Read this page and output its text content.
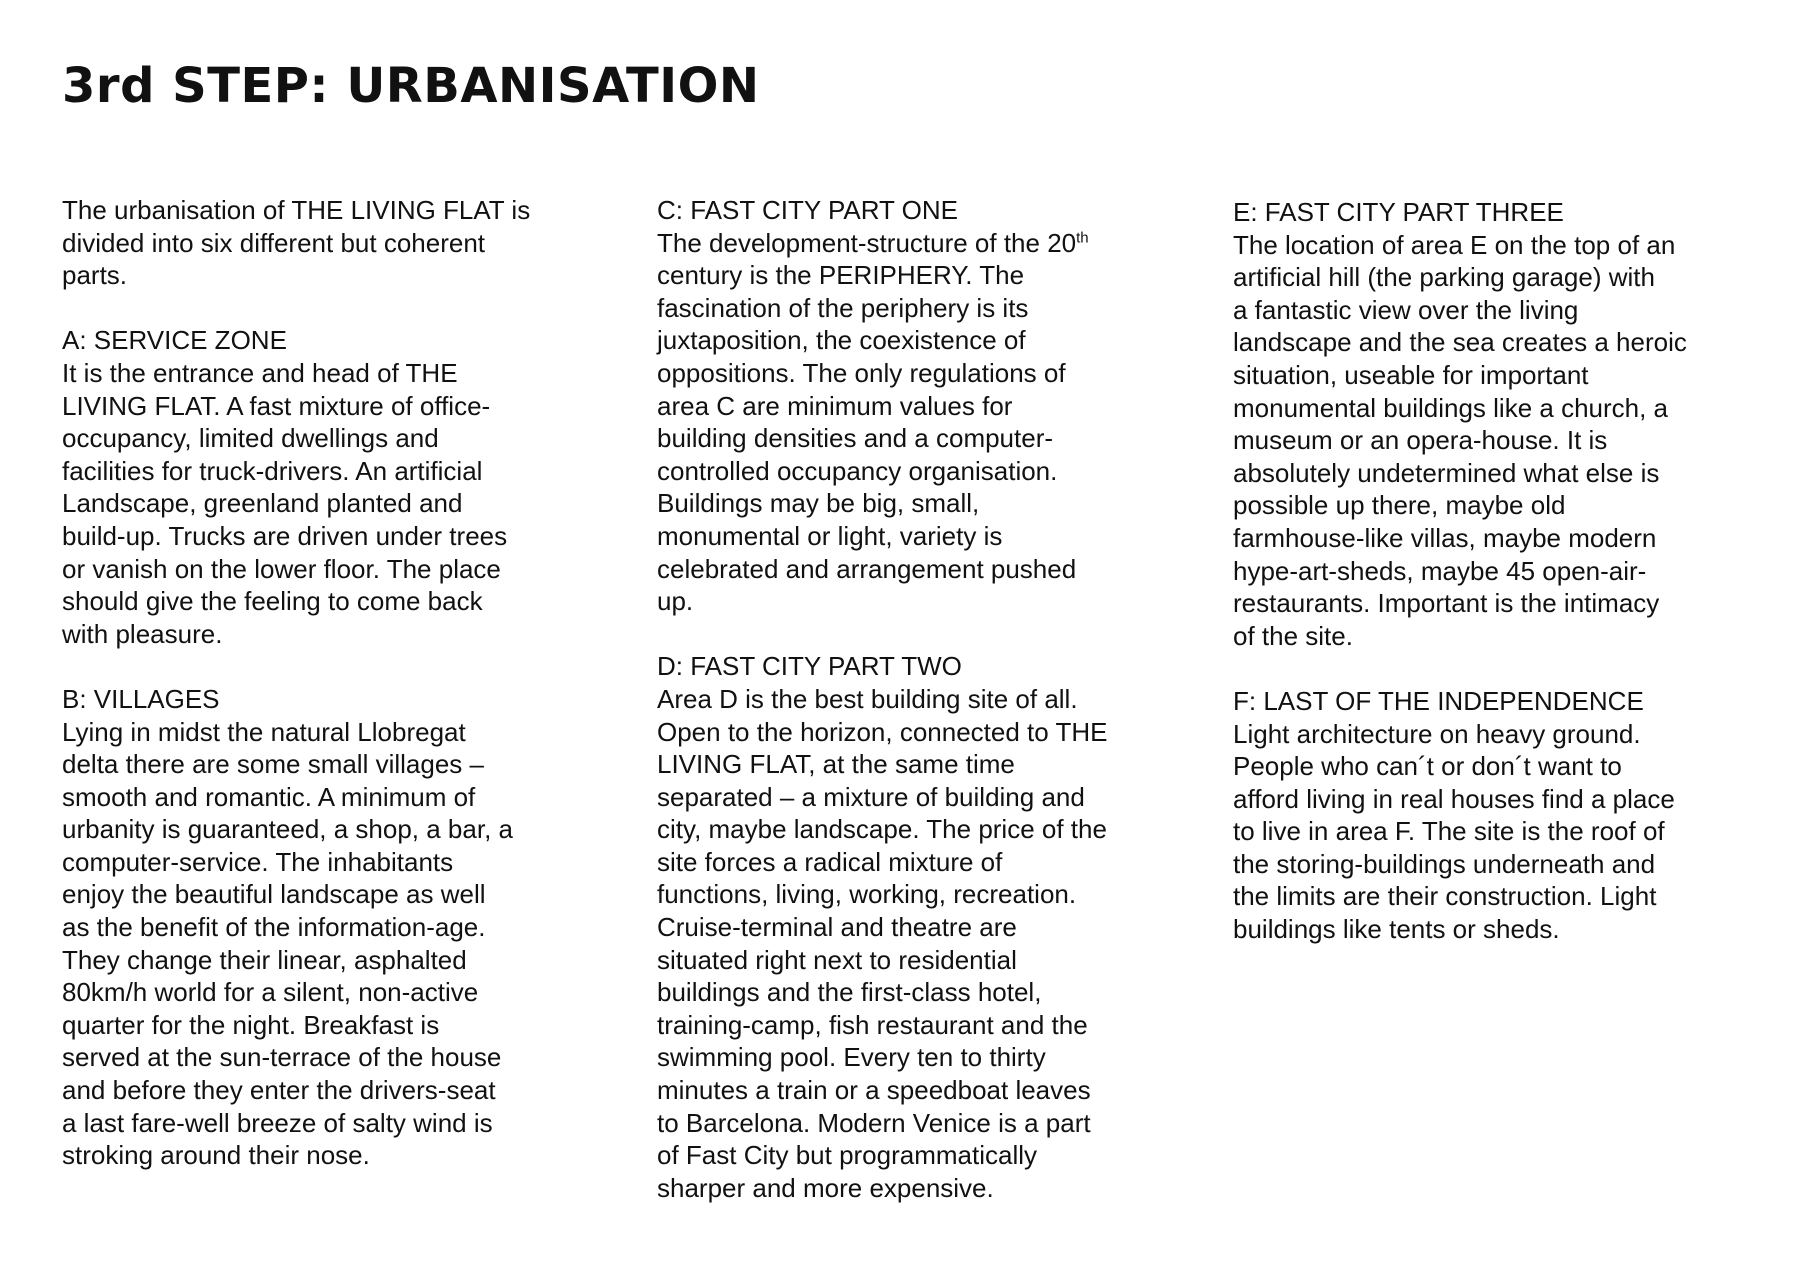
3rd STEP: URBANISATION
The urbanisation of THE LIVING FLAT is
divided into six different but coherent
parts.
A: SERVICE ZONE
It is the entrance and head of THE
LIVING FLAT. A fast mixture of office-
occupancy, limited dwellings and
facilities for truck-drivers. An artificial
Landscape, greenland planted and
build-up. Trucks are driven under trees
or vanish on the lower floor. The place
should give the feeling to come back
with pleasure.
B: VILLAGES
Lying in midst the natural Llobregat
delta there are some small villages –
smooth and romantic. A minimum of
urbanity is guaranteed, a shop, a bar, a
computer-service. The inhabitants
enjoy the beautiful landscape as well
as the benefit of the information-age.
They change their linear, asphalted
80km/h world for a silent, non-active
quarter for the night. Breakfast is
served at the sun-terrace of the house
and before they enter the drivers-seat
a last fare-well breeze of salty wind is
stroking around their nose.
C: FAST CITY PART ONE
The development-structure of the 20th
century is the PERIPHERY. The
fascination of the periphery is its
juxtaposition, the coexistence of
oppositions. The only regulations of
area C are minimum values for
building densities and a computer-
controlled occupancy organisation.
Buildings may be big, small,
monumental or light, variety is
celebrated and arrangement pushed
up.
D: FAST CITY PART TWO
Area D is the best building site of all.
Open to the horizon, connected to THE
LIVING FLAT, at the same time
separated – a mixture of building and
city, maybe landscape. The price of the
site forces a radical mixture of
functions, living, working, recreation.
Cruise-terminal and theatre are
situated right next to residential
buildings and the first-class hotel,
training-camp, fish restaurant and the
swimming pool. Every ten to thirty
minutes a train or a speedboat leaves
to Barcelona. Modern Venice is a part
of Fast City but programmatically
sharper and more expensive.
E: FAST CITY PART THREE
The location of area E on the top of an
artificial hill (the parking garage) with
a fantastic view over the living
landscape and the sea creates a heroic
situation, useable for important
monumental buildings like a church, a
museum or an opera-house. It is
absolutely undetermined what else is
possible up there, maybe old
farmhouse-like villas, maybe modern
hype-art-sheds, maybe 45 open-air-
restaurants. Important is the intimacy
of the site.
F: LAST OF THE INDEPENDENCE
Light architecture on heavy ground.
People who can´t or don´t want to
afford living in real houses find a place
to live in area F. The site is the roof of
the storing-buildings underneath and
the limits are their construction. Light
buildings like tents or sheds.
